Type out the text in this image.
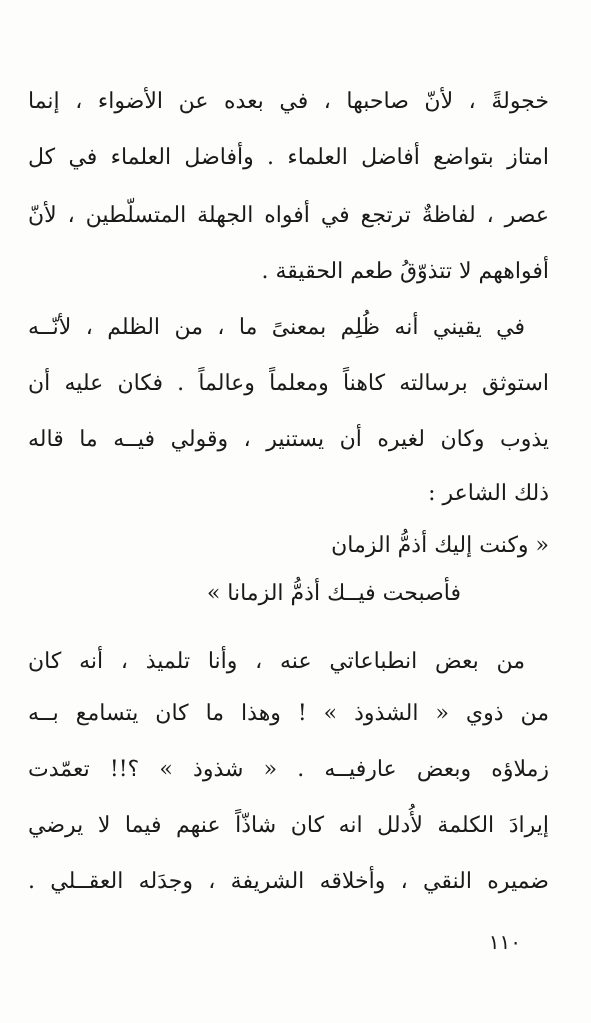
خجولةً ، لأنّ صاحبها ، في بعده عن الأضواء ، إنما
امتاز بتواضع أفاضل العلماء . وأفاضل العلماء في كل
عصر ، لفاظةٌ ترتجع في أفواه الجهلة المتسلّطين ، لأنّ
أفواههم لا تتذوّقُ طعم الحقيقة .
في يقيني أنه ظُلِم بمعنىً ما ، من الظلم ، لأنّــه
استوثق برسالته كاهناً ومعلماً وعالماً . فكان عليه أن
يذوب وكان لغيره أن يستنير ، وقولي فيــه ما قاله
ذلك الشاعر :
« وكنت إليك أذمُّ الزمان
فأصبحت فيــك أذمُّ الزمانا »
من بعض انطباعاتي عنه ، وأنا تلميذ ، أنه كان
من ذوي « الشذوذ » ! وهذا ما كان يتسامع بــه
زملاؤه وبعض عارفيــه . « شذوذ » ؟!! تعمّدت
إيرادَ الكلمة لأُدلل انه كان شاذّاً عنهم فيما لا يرضي
ضميره النقي ، وأخلاقه الشريفة ، وجدَله العقــلي .
١١٠
